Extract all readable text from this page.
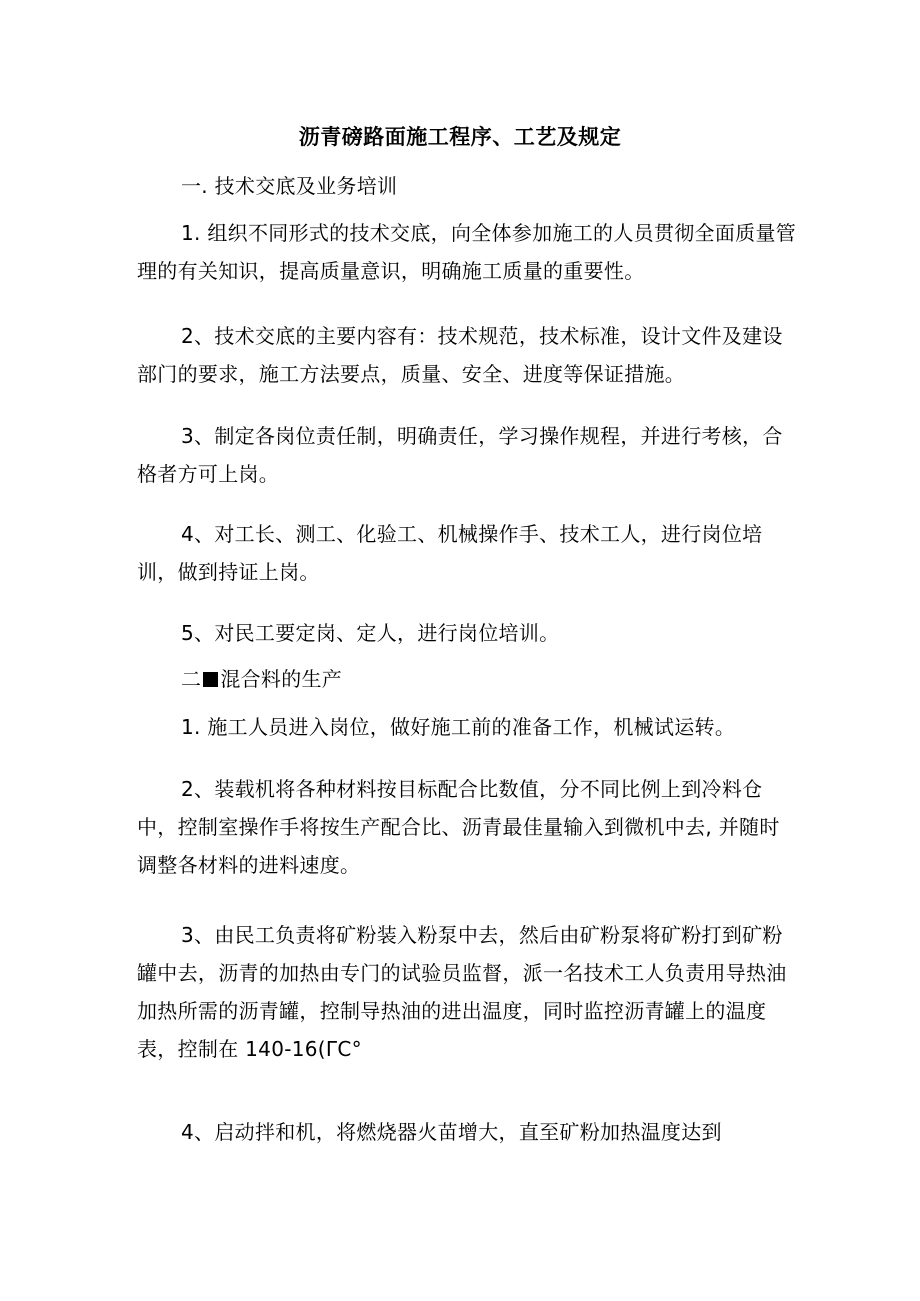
沥青磅路面施工程序、工艺及规定
一. 技术交底及业务培训
1. 组织不同形式的技术交底，向全体参加施工的人员贯彻全面质量管理的有关知识，提高质量意识，明确施工质量的重要性。
2、技术交底的主要内容有：技术规范，技术标准，设计文件及建设部门的要求，施工方法要点，质量、安全、进度等保证措施。
3、制定各岗位责任制，明确责任，学习操作规程，并进行考核，合格者方可上岗。
4、对工长、测工、化验工、机械操作手、技术工人，进行岗位培训，做到持证上岗。
5、对民工要定岗、定人，进行岗位培训。
二 混合料的生产
1. 施工人员进入岗位，做好施工前的准备工作，机械试运转。
2、装载机将各种材料按目标配合比数值，分不同比例上到冷料仓中，控制室操作手将按生产配合比、沥青最佳量输入到微机中去, 并随时调整各材料的进料速度。
3、由民工负责将矿粉装入粉泵中去，然后由矿粉泵将矿粉打到矿粉罐中去，沥青的加热由专门的试验员监督，派一名技术工人负责用导热油加热所需的沥青罐，控制导热油的进出温度，同时监控沥青罐上的温度表，控制在 140-16(ΓC°
4、启动拌和机，将燃烧器火苗增大，直至矿粉加热温度达到
